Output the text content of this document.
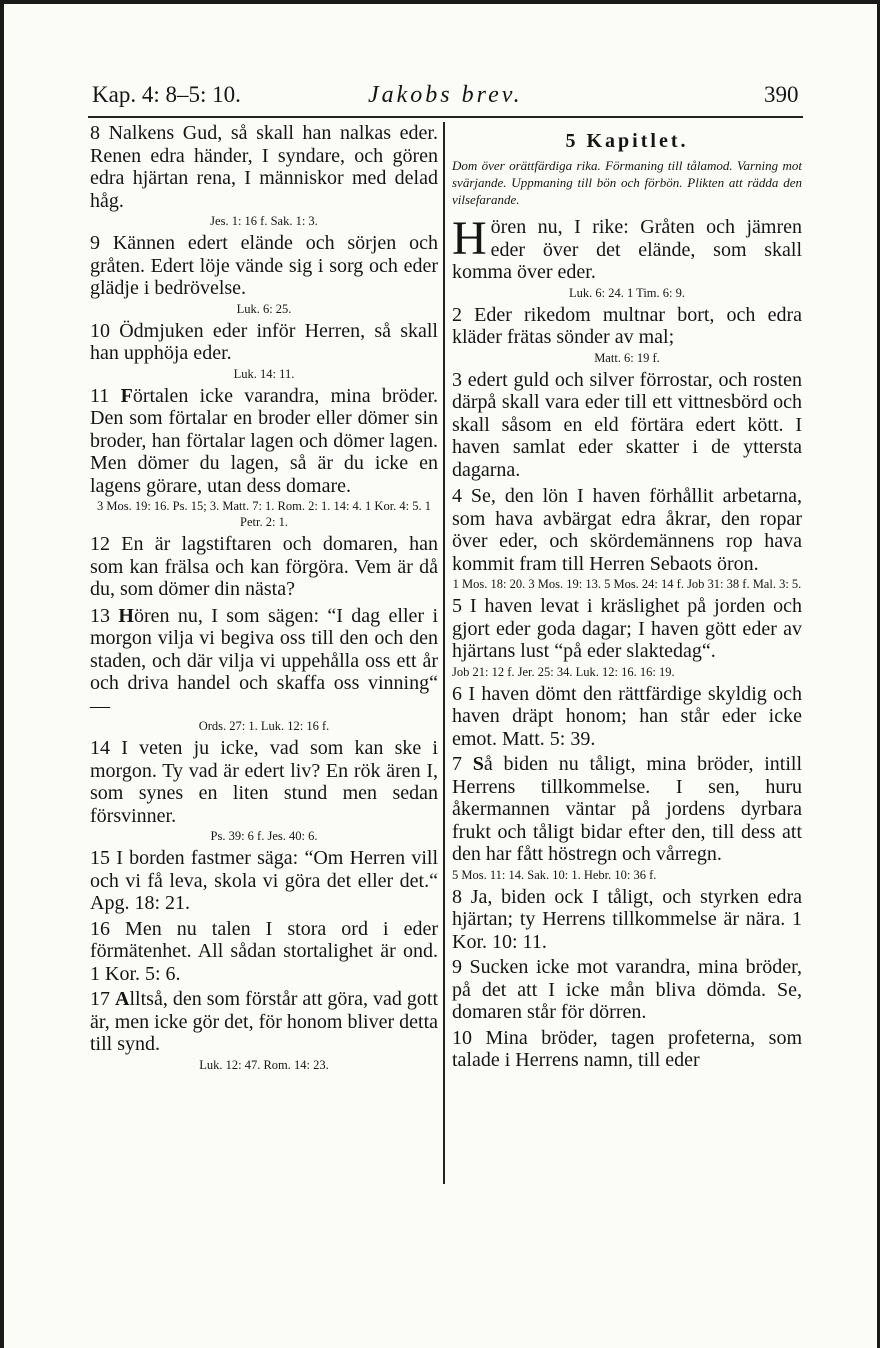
Kap. 4: 8–5: 10.	Jakobs brev.	390

8 Nalkens Gud, så skall han nalkas eder. Renen edra händer, I syndare, och gören edra hjärtan rena, I människor med delad håg.

Jes. 1: 16 f. Sak. 1: 3.

9 Kännen edert elände och sörjen och gråten. Edert löje vände sig i sorg och eder glädje i bedrövelse.

Luk. 6: 25.

10 Ödmjuken eder inför Herren, så skall han upphöja eder.

Luk. 14: 11.

11 Förtalen icke varandra, mina bröder. Den som förtalar en broder eller dömer sin broder, han förtalar lagen och dömer lagen. Men dömer du lagen, så är du icke en lagens görare, utan dess domare.

3 Mos. 19: 16. Ps. 15; 3. Matt. 7: 1. Rom. 2: 1. 14: 4. 1 Kor. 4: 5. 1 Petr. 2: 1.

12 En är lagstiftaren och domaren, han som kan frälsa och kan förgöra. Vem är då du, som dömer din nästa?

13 Hören nu, I som sägen: “I dag eller i morgon vilja vi begiva oss till den och den staden, och där vilja vi uppehålla oss ett år och driva handel och skaffa oss vinning“ —

Ords. 27: 1. Luk. 12: 16 f.

14 I veten ju icke, vad som kan ske i morgon. Ty vad är edert liv? En rök ären I, som synes en liten stund men sedan försvinner.

Ps. 39: 6 f. Jes. 40: 6.

15 I borden fastmer säga: “Om Herren vill och vi få leva, skola vi göra det eller det.“ Apg. 18: 21.

16 Men nu talen I stora ord i eder förmätenhet. All sådan stortalighet är ond. 1 Kor. 5: 6.

17 Alltså, den som förstår att göra, vad gott är, men icke gör det, för honom bliver detta till synd.

Luk. 12: 47. Rom. 14: 23.

5 Kapitlet.

Dom över orättfärdiga rika. Förmaning till tålamod. Varning mot svärjande. Uppmaning till bön och förbön. Plikten att rädda den vilsefarande.

Hören nu, I rike: Gråten och jämren eder över det elände, som skall komma över eder.

Luk. 6: 24. 1 Tim. 6: 9.

2 Eder rikedom multnar bort, och edra kläder frätas sönder av mal;

Matt. 6: 19 f.

3 edert guld och silver förrostar, och rosten därpå skall vara eder till ett vittnesbörd och skall såsom en eld förtära edert kött. I haven samlat eder skatter i de yttersta dagarna.

4 Se, den lön I haven förhållit arbetarna, som hava avbärgat edra åkrar, den ropar över eder, och skördemännens rop hava kommit fram till Herren Sebaots öron.

1 Mos. 18: 20. 3 Mos. 19: 13. 5 Mos. 24: 14 f. Job 31: 38 f. Mal. 3: 5.

5 I haven levat i kräslighet på jorden och gjort eder goda dagar; I haven gött eder av hjärtans lust “på eder slaktedag“.

Job 21: 12 f. Jer. 25: 34. Luk. 12: 16. 16: 19.

6 I haven dömt den rättfärdige skyldig och haven dräpt honom; han står eder icke emot. Matt. 5: 39.

7 Så biden nu tåligt, mina bröder, intill Herrens tillkommelse. I sen, huru åkermannen väntar på jordens dyrbara frukt och tåligt bidar efter den, till dess att den har fått höstregn och vårregn.

5 Mos. 11: 14. Sak. 10: 1. Hebr. 10: 36 f.

8 Ja, biden ock I tåligt, och styrken edra hjärtan; ty Herrens tillkommelse är nära. 1 Kor. 10: 11.

9 Sucken icke mot varandra, mina bröder, på det att I icke mån bliva dömda. Se, domaren står för dörren.

10 Mina bröder, tagen profeterna, som talade i Herrens namn, till eder
